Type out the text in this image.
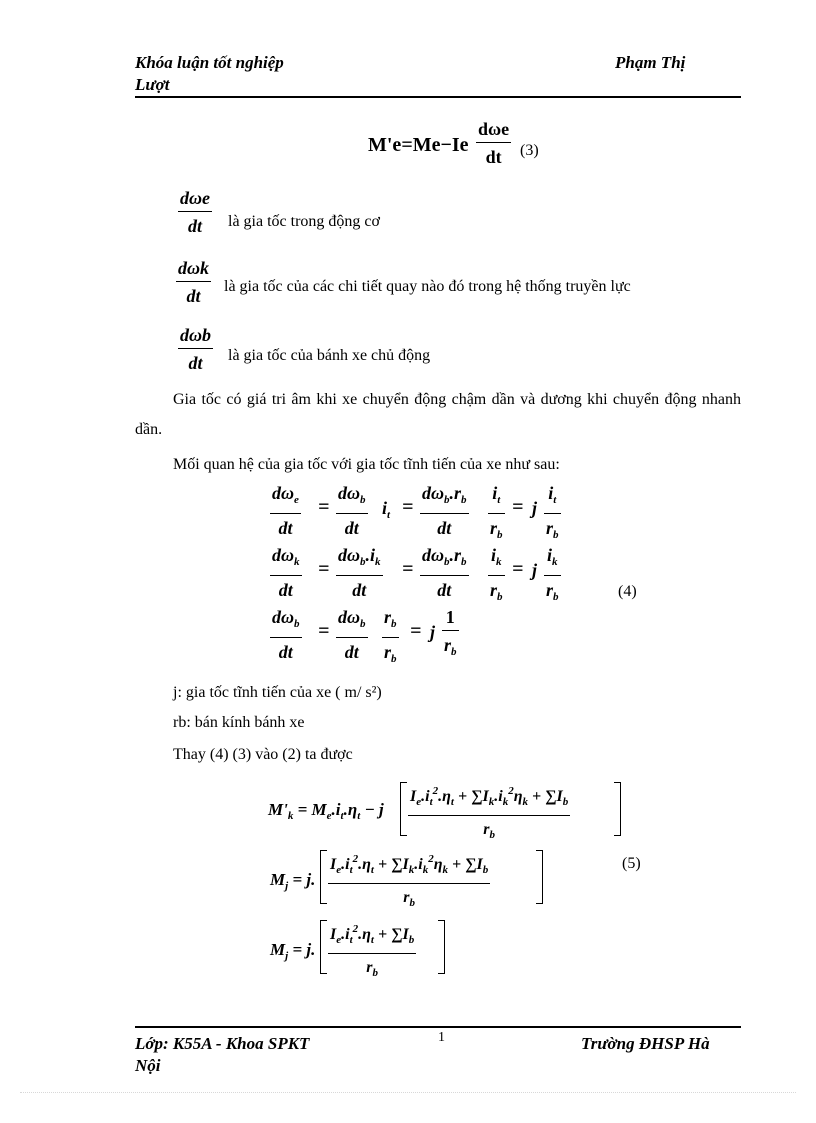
Khóa luận tốt nghiệp
Lượt
Phạm Thị
M'e=Me−Ie
dωe
dt (3)
dωe
dt là gia tốc trong động cơ
dωk
dt là gia tốc của các chi tiết quay nào đó trong hệ thống truyền lực
dωb
dt là gia tốc của bánh xe chủ động
Gia tốc có giá tri âm khi xe chuyển động chậm dần và dương khi chuyển động nhanh dần.
Mối quan hệ của gia tốc với gia tốc tĩnh tiến của xe như sau:
$d\omega_e$
dt
=
$d\omega_b$
dt
$i_t$ =
$d\omega_b.r_b$
dt
$i_t$
$r_b$
= j
$i_t$
$r_b$
$d\omega_k$
dt
=
$d\omega_b.i_k$
dt
=
$d\omega_b.r_b$
dt
$i_k$
$r_b$
= j
$i_k$
$r_b$
$d\omega_b$
dt
=
$d\omega_b$
dt
$r_b$
$r_b$
= j
1
$r_b$
(4)
j: gia tốc tĩnh tiến của xe ( m/ s²)
rb: bán kính bánh xe
Thay (4) (3) vào (2) ta được
$M'_k = M_e.i_t.\eta_t - j$
$I_e.i_t^2.\eta_t + \sum I_k.i_k^2\eta_k + \sum I_b$
$r_b$
$M_j = j$.
$I_e.i_t^2.\eta_t + \sum I_k.i_k^2\eta_k + \sum I_b$
$r_b$
$M_j = j$.
$I_e.i_t^2.\eta_t + \sum I_b$
$r_b$
(5)
Lớp: K55A - Khoa SPKT
Nội
1	Trường ĐHSP Hà
